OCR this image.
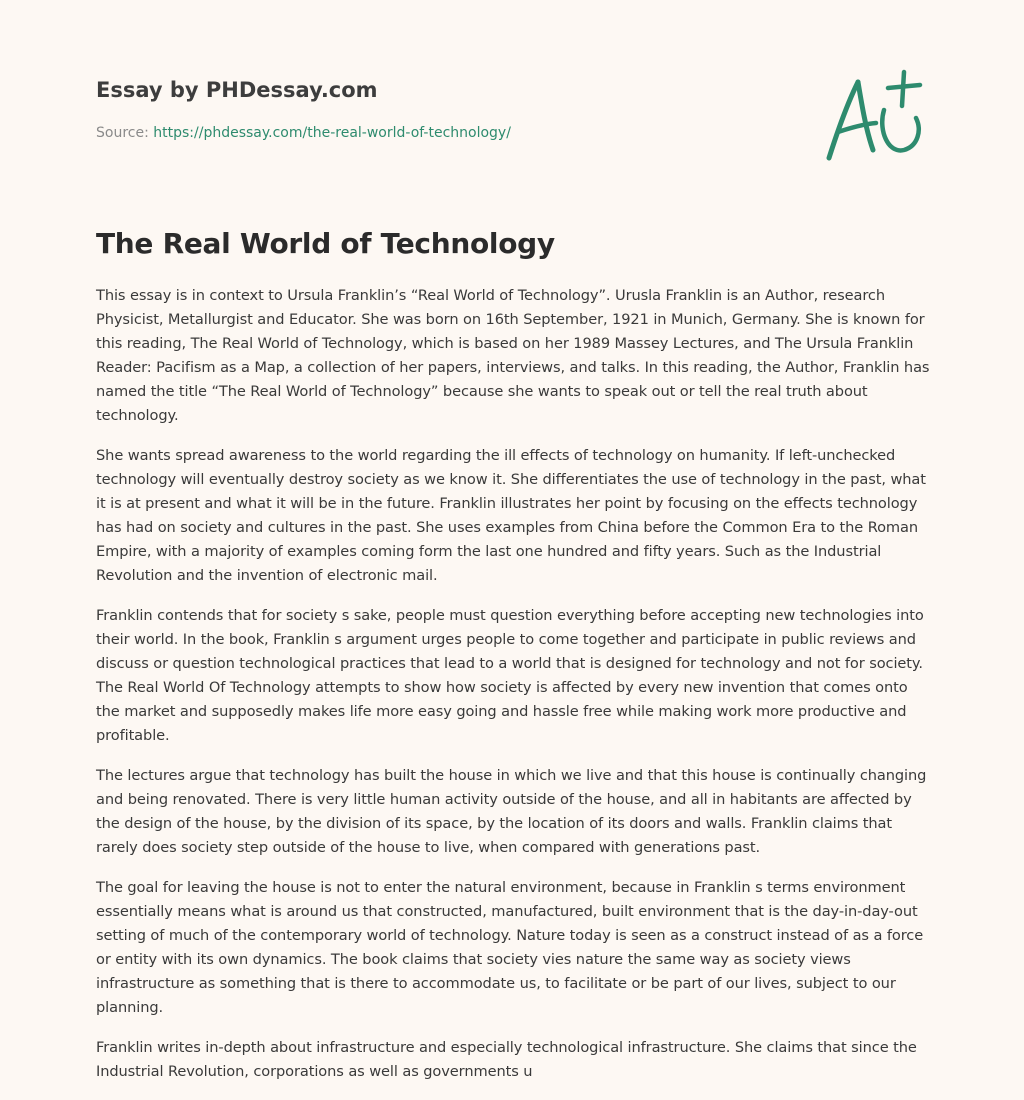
Essay by PHDessay.com
Source: https://phdessay.com/the-real-world-of-technology/
The Real World of Technology

This essay is in context to Ursula Franklin’s “Real World of Technology”. Urusla Franklin is an Author, research Physicist, Metallurgist and Educator. She was born on 16th September, 1921 in Munich, Germany. She is known for this reading, The Real World of Technology, which is based on her 1989 Massey Lectures, and The Ursula Franklin Reader: Pacifism as a Map, a collection of her papers, interviews, and talks. In this reading, the Author, Franklin has named the title “The Real World of Technology” because she wants to speak out or tell the real truth about technology.

She wants spread awareness to the world regarding the ill effects of technology on humanity. If left-unchecked technology will eventually destroy society as we know it. She differentiates the use of technology in the past, what it is at present and what it will be in the future. Franklin illustrates her point by focusing on the effects technology has had on society and cultures in the past. She uses examples from China before the Common Era to the Roman Empire, with a majority of examples coming form the last one hundred and fifty years. Such as the Industrial Revolution and the invention of electronic mail.

Franklin contends that for society s sake, people must question everything before accepting new technologies into their world. In the book, Franklin s argument urges people to come together and participate in public reviews and discuss or question technological practices that lead to a world that is designed for technology and not for society. The Real World Of Technology attempts to show how society is affected by every new invention that comes onto the market and supposedly makes life more easy going and hassle free while making work more productive and profitable.

The lectures argue that technology has built the house in which we live and that this house is continually changing and being renovated. There is very little human activity outside of the house, and all in habitants are affected by the design of the house, by the division of its space, by the location of its doors and walls. Franklin claims that rarely does society step outside of the house to live, when compared with generations past.

The goal for leaving the house is not to enter the natural environment, because in Franklin s terms environment essentially means what is around us that constructed, manufactured, built environment that is the day-in-day-out setting of much of the contemporary world of technology. Nature today is seen as a construct instead of as a force or entity with its own dynamics. The book claims that society vies nature the same way as society views infrastructure as something that is there to accommodate us, to facilitate or be part of our lives, subject to our planning.

Franklin writes in-depth about infrastructure and especially technological infrastructure. She claims that since the Industrial Revolution, corporations as well as governments u
